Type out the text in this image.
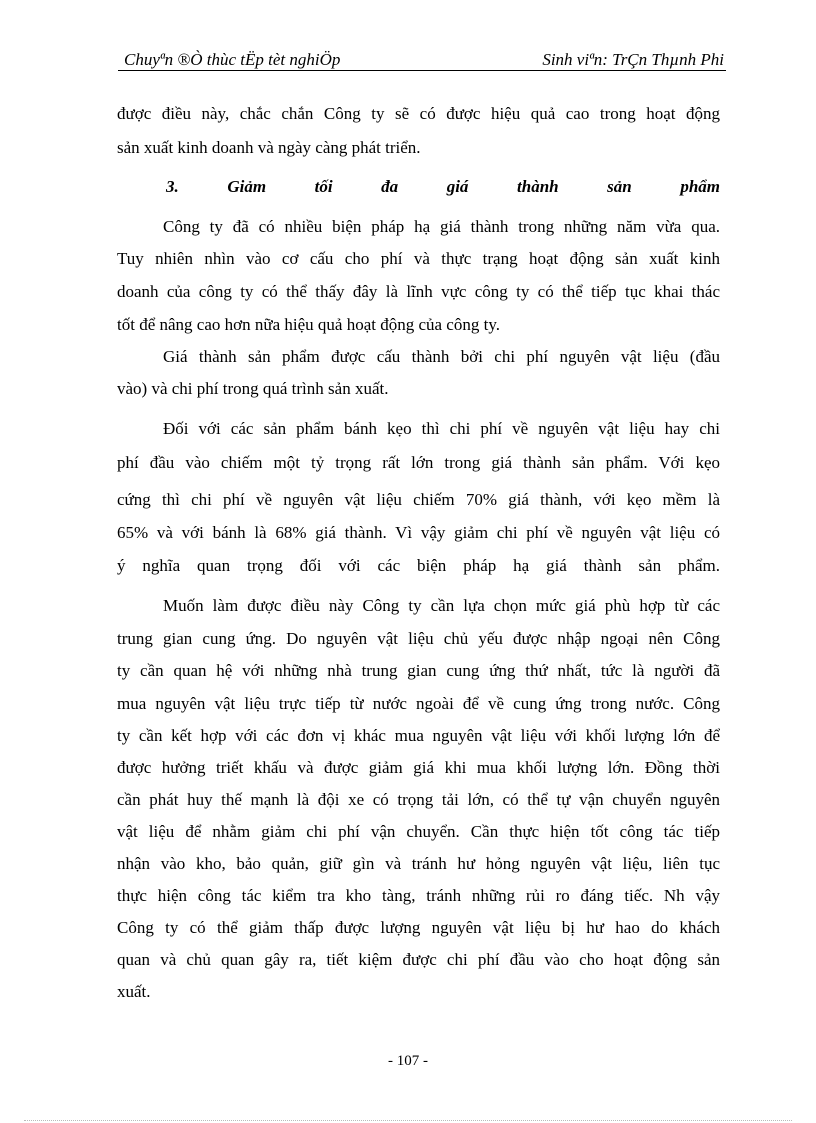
Chuyªn ®Ò thùc tËp tèt nghiÖp	Sinh viªn: TrÇn Thµnh Phi
được điều này, chắc chắn Công ty sẽ có được hiệu quả cao trong hoạt động
sản xuất kinh doanh và ngày càng phát triển.
3. Giảm tối đa giá thành sản phẩm
Công ty đã có nhiều biện pháp hạ giá thành trong những năm vừa qua.
Tuy nhiên nhìn vào cơ cấu cho phí và thực trạng hoạt động sản xuất kinh
doanh của công ty có thể thấy đây là lĩnh vực công ty có thể tiếp tục khai thác
tốt để nâng cao hơn nữa hiệu quả hoạt động của công ty.
Giá thành sản phẩm được cấu thành bởi chi phí nguyên vật liệu (đầu
vào) và chi phí trong quá trình sản xuất.
Đối với các sản phẩm bánh kẹo thì chi phí về nguyên vật liệu hay chi
phí đầu vào chiếm một tỷ trọng rất lớn trong giá thành sản phẩm. Với kẹo
cứng thì chi phí về nguyên vật liệu chiếm 70% giá thành, với kẹo mềm là
65% và với bánh là 68% giá thành. Vì vậy giảm chi phí về nguyên vật liệu có
ý nghĩa quan trọng đối với các biện pháp hạ giá thành sản phẩm.
Muốn làm được điều này Công ty cần lựa chọn mức giá phù hợp từ các
trung gian cung ứng. Do nguyên vật liệu chủ yếu được nhập ngoại nên Công
ty cần quan hệ với những nhà trung gian cung ứng thứ nhất, tức là người đã
mua nguyên vật liệu trực tiếp từ nước ngoài để về cung ứng trong nước. Công
ty cần kết hợp với các đơn vị khác mua nguyên vật liệu với khối lượng lớn để
được hưởng triết khấu và được giảm giá khi mua khối lượng lớn. Đồng thời
cần phát huy thế mạnh là đội xe có trọng tải lớn, có thể tự vận chuyển nguyên
vật liệu để nhằm giảm chi phí vận chuyển. Cần thực hiện tốt công tác tiếp
nhận vào kho, bảo quản, giữ gìn và tránh hư hỏng nguyên vật liệu, liên tục
thực hiện công tác kiểm tra kho tàng, tránh những rủi ro đáng tiếc. Nh vậy
Công ty có thể giảm thấp được lượng nguyên vật liệu bị hư hao do khách
quan và chủ quan gây ra, tiết kiệm được chi phí đầu vào cho hoạt động sản
xuất.
- 107 -
